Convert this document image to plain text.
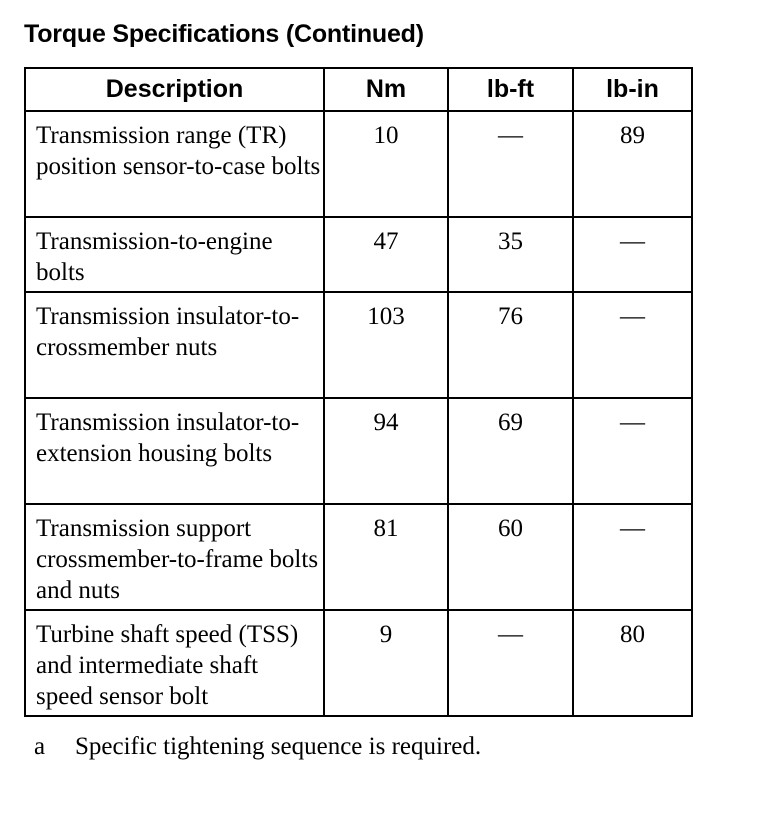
Torque Specifications (Continued)
Description	Nm	lb-ft	lb-in
Transmission range (TR) position sensor-to-case bolts	10	—	89
Transmission-to-engine bolts	47	35	—
Transmission insulator-to-crossmember nuts	103	76	—
Transmission insulator-to-extension housing bolts	94	69	—
Transmission support crossmember-to-frame bolts and nuts	81	60	—
Turbine shaft speed (TSS) and intermediate shaft speed sensor bolt	9	—	80
a Specific tightening sequence is required.
